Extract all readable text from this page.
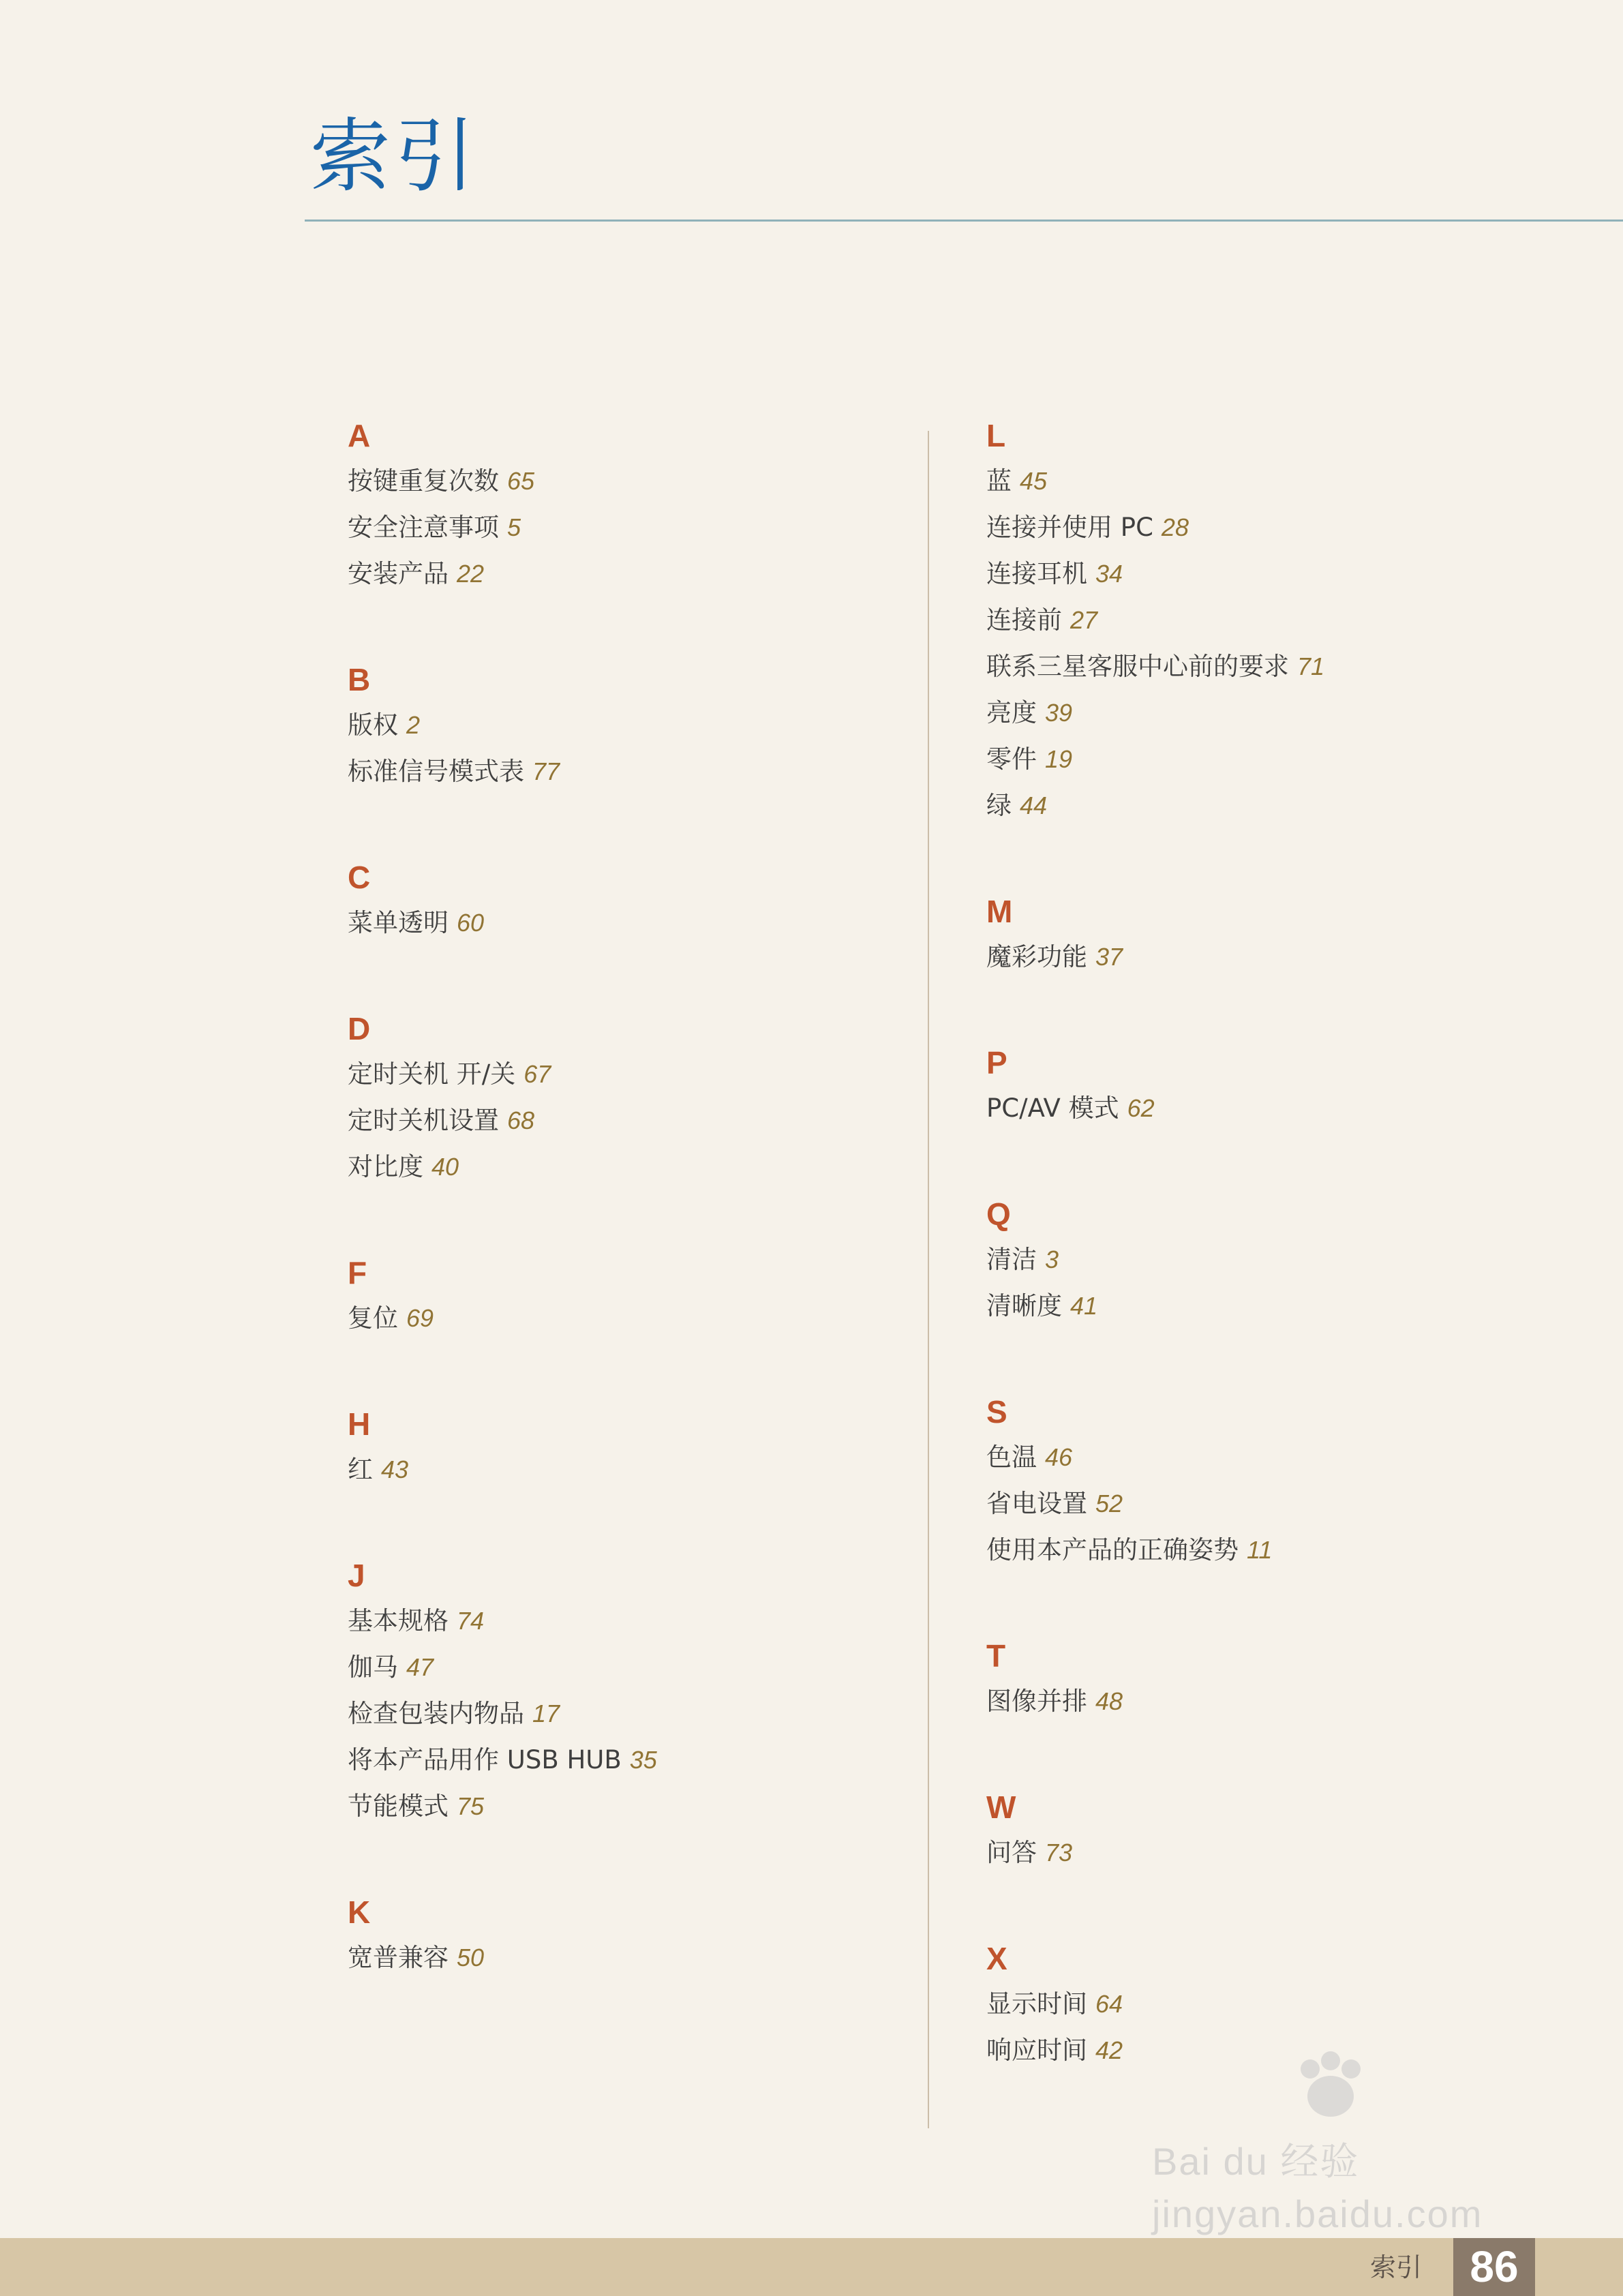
索引
A
按键重复次数 65
安全注意事项 5
安装产品 22
B
版权 2
标准信号模式表 77
C
菜单透明 60
D
定时关机 开/关 67
定时关机设置 68
对比度 40
F
复位 69
H
红 43
J
基本规格 74
伽马 47
检查包装内物品 17
将本产品用作 USB HUB 35
节能模式 75
K
宽普兼容 50
L
蓝 45
连接并使用 PC 28
连接耳机 34
连接前 27
联系三星客服中心前的要求 71
亮度 39
零件 19
绿 44
M
魔彩功能 37
P
PC/AV 模式 62
Q
清洁 3
清晰度 41
S
色温 46
省电设置 52
使用本产品的正确姿势 11
T
图像并排 48
W
问答 73
X
显示时间 64
响应时间 42
Bai du 经验
jingyan.baidu.com
索引	86
